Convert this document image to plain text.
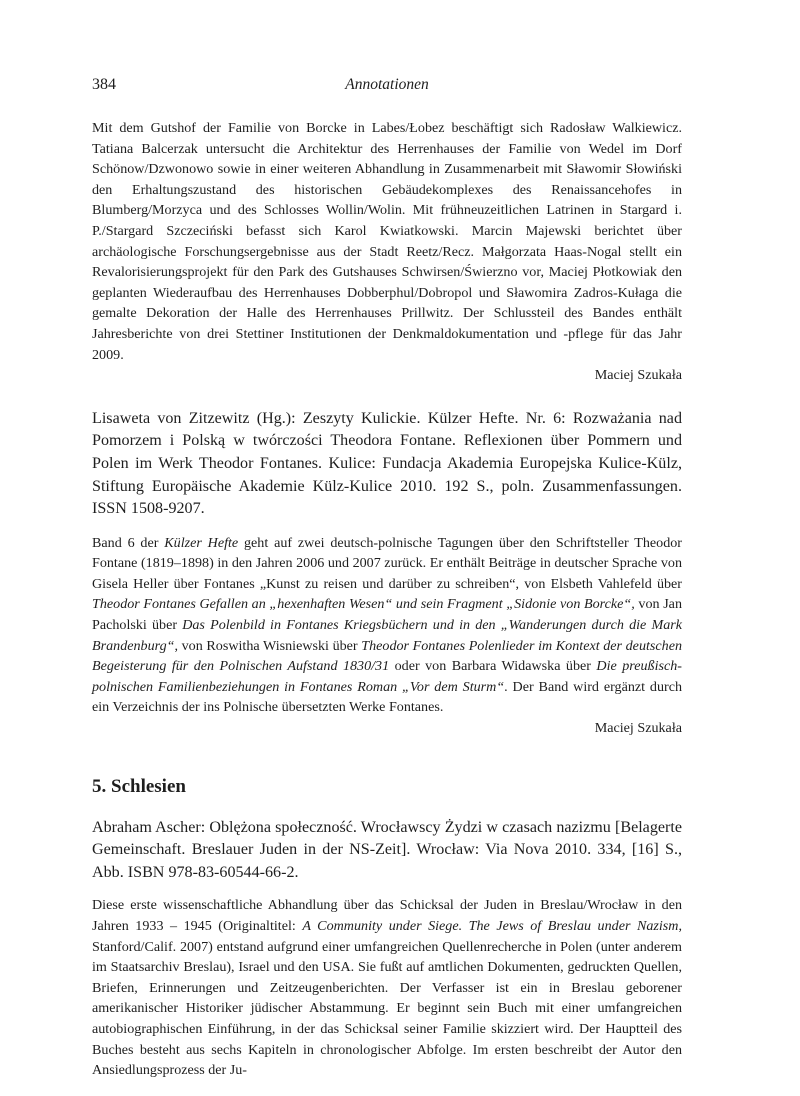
384	Annotationen

Mit dem Gutshof der Familie von Borcke in Labes/Łobez beschäftigt sich Radosław Walkiewicz. Tatiana Balcerzak untersucht die Architektur des Herrenhauses der Familie von Wedel im Dorf Schönow/Dzwonowo sowie in einer weiteren Abhandlung in Zusammenarbeit mit Sławomir Słowiński den Erhaltungszustand des historischen Gebäudekomplexes des Renaissancehofes in Blumberg/Morzyca und des Schlosses Wollin/Wolin. Mit frühneuzeitlichen Latrinen in Stargard i. P./Stargard Szczeciński befasst sich Karol Kwiatkowski. Marcin Majewski berichtet über archäologische Forschungsergebnisse aus der Stadt Reetz/Recz. Małgorzata Haas-Nogal stellt ein Revalorisierungsprojekt für den Park des Gutshauses Schwirsen/Świerzno vor, Maciej Płotkowiak den geplanten Wiederaufbau des Herrenhauses Dobberphul/Dobropol und Sławomira Zadros-Kułaga die gemalte Dekoration der Halle des Herrenhauses Prillwitz. Der Schlussteil des Bandes enthält Jahresberichte von drei Stettiner Institutionen der Denkmaldokumentation und -pflege für das Jahr 2009.

Maciej Szukała

Lisaweta von Zitzewitz (Hg.): Zeszyty Kulickie. Külzer Hefte. Nr. 6: Rozważania nad Pomorzem i Polską w twórczości Theodora Fontane. Reflexionen über Pommern und Polen im Werk Theodor Fontanes. Kulice: Fundacja Akademia Europejska Kulice-Külz, Stiftung Europäische Akademie Külz-Kulice 2010. 192 S., poln. Zusammenfassungen. ISSN 1508-9207.

Band 6 der Külzer Hefte geht auf zwei deutsch-polnische Tagungen über den Schriftsteller Theodor Fontane (1819–1898) in den Jahren 2006 und 2007 zurück. Er enthält Beiträge in deutscher Sprache von Gisela Heller über Fontanes „Kunst zu reisen und darüber zu schreiben“, von Elsbeth Vahlefeld über Theodor Fontanes Gefallen an „hexenhaften Wesen“ und sein Fragment „Sidonie von Borcke“, von Jan Pacholski über Das Polenbild in Fontanes Kriegsbüchern und in den „Wanderungen durch die Mark Brandenburg“, von Roswitha Wisniewski über Theodor Fontanes Polenlieder im Kontext der deutschen Begeisterung für den Polnischen Aufstand 1830/31 oder von Barbara Widawska über Die preußisch-polnischen Familienbeziehungen in Fontanes Roman „Vor dem Sturm“. Der Band wird ergänzt durch ein Verzeichnis der ins Polnische übersetzten Werke Fontanes.

Maciej Szukała

5. Schlesien

Abraham Ascher: Oblężona społeczność. Wrocławscy Żydzi w czasach nazizmu [Belagerte Gemeinschaft. Breslauer Juden in der NS-Zeit]. Wrocław: Via Nova 2010. 334, [16] S., Abb. ISBN 978-83-60544-66-2.

Diese erste wissenschaftliche Abhandlung über das Schicksal der Juden in Breslau/Wrocław in den Jahren 1933 – 1945 (Originaltitel: A Community under Siege. The Jews of Breslau under Nazism, Stanford/Calif. 2007) entstand aufgrund einer umfangreichen Quellenrecherche in Polen (unter anderem im Staatsarchiv Breslau), Israel und den USA. Sie fußt auf amtlichen Dokumenten, gedruckten Quellen, Briefen, Erinnerungen und Zeitzeugenberichten. Der Verfasser ist ein in Breslau geborener amerikanischer Historiker jüdischer Abstammung. Er beginnt sein Buch mit einer umfangreichen autobiographischen Einführung, in der das Schicksal seiner Familie skizziert wird. Der Hauptteil des Buches besteht aus sechs Kapiteln in chronologischer Abfolge. Im ersten beschreibt der Autor den Ansiedlungsprozess der Ju-
